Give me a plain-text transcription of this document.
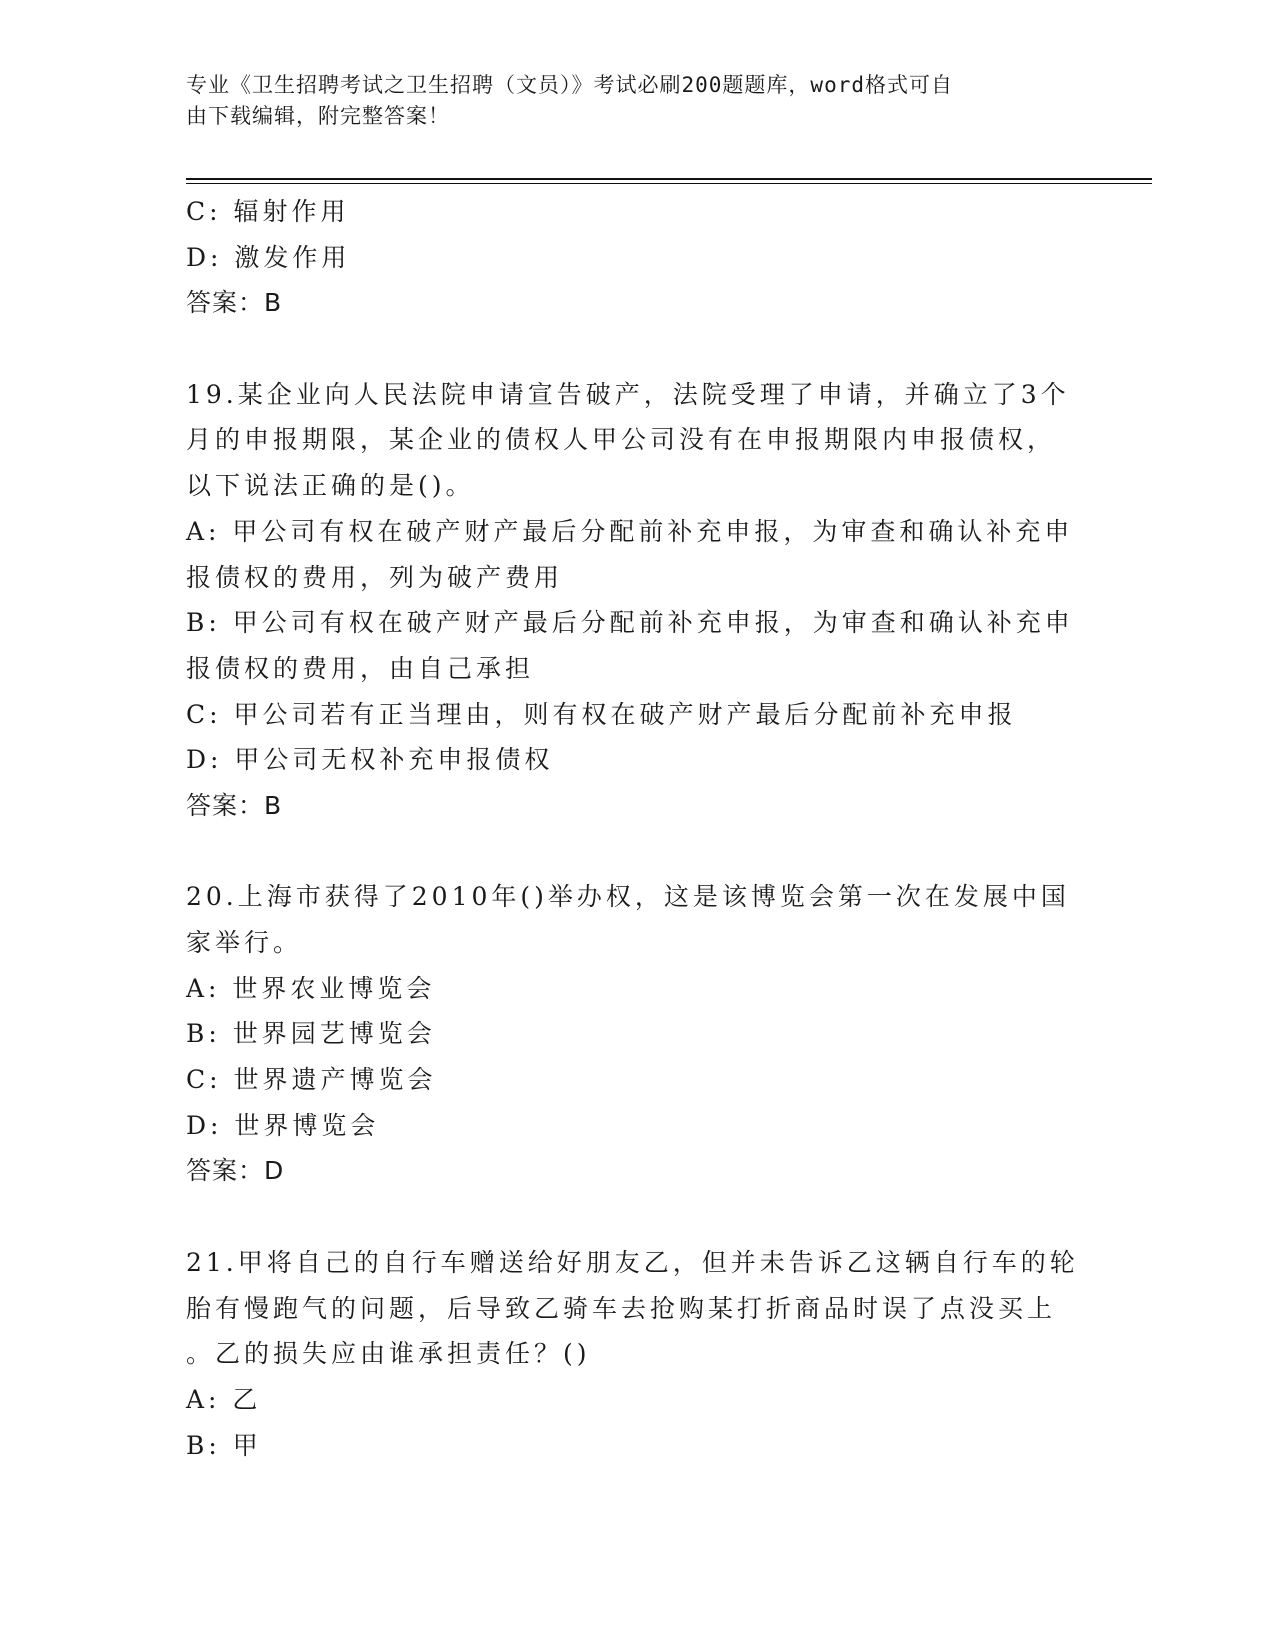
专业《卫生招聘考试之卫生招聘（文员）》考试必刷200题题库，word格式可自
由下载编辑，附完整答案！
C: 辐射作用
D: 激发作用
答案：B
19.某企业向人民法院申请宣告破产，法院受理了申请，并确立了3个
月的申报期限，某企业的债权人甲公司没有在申报期限内申报债权，
以下说法正确的是()。
A: 甲公司有权在破产财产最后分配前补充申报，为审查和确认补充申
报债权的费用，列为破产费用
B: 甲公司有权在破产财产最后分配前补充申报，为审查和确认补充申
报债权的费用，由自己承担
C: 甲公司若有正当理由，则有权在破产财产最后分配前补充申报
D: 甲公司无权补充申报债权
答案：B
20.上海市获得了2010年()举办权，这是该博览会第一次在发展中国
家举行。
A: 世界农业博览会
B: 世界园艺博览会
C: 世界遗产博览会
D: 世界博览会
答案：D
21.甲将自己的自行车赠送给好朋友乙，但并未告诉乙这辆自行车的轮
胎有慢跑气的问题，后导致乙骑车去抢购某打折商品时误了点没买上
。乙的损失应由谁承担责任？()
A: 乙
B: 甲
